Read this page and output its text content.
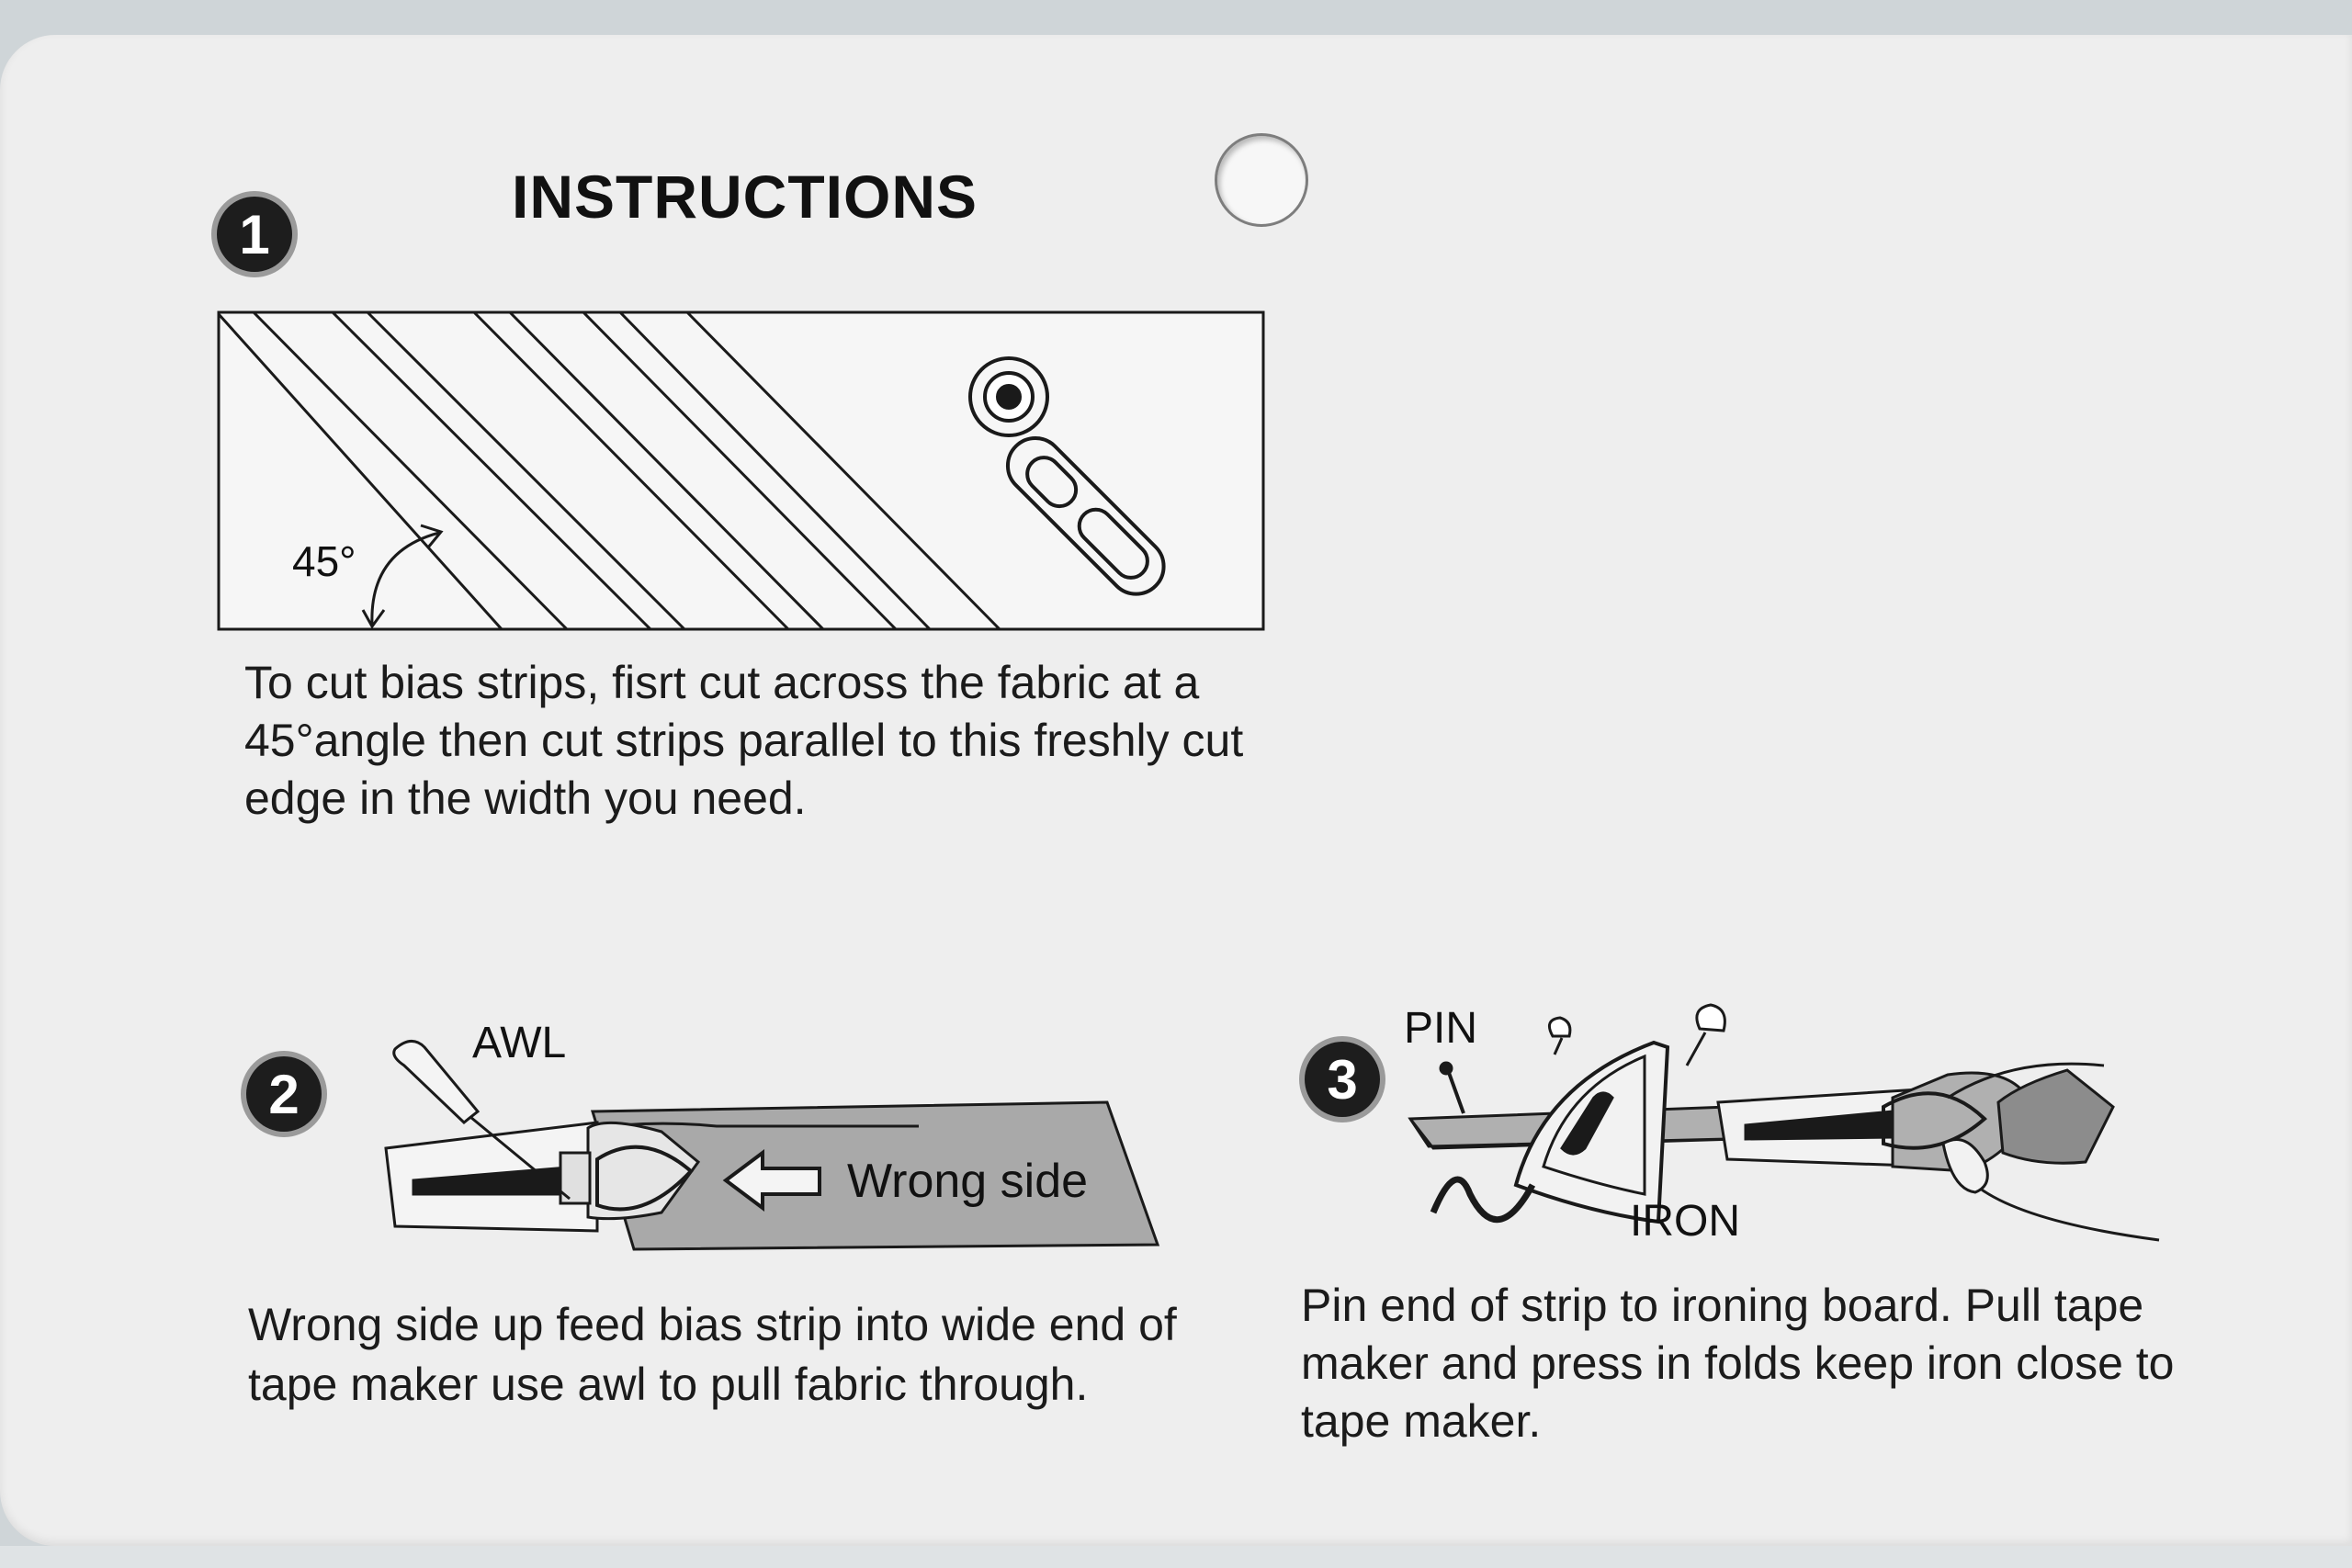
1
INSTRUCTIONS
45°
To cut bias strips, fisrt cut across the fabric at a 45°angle then cut strips parallel to this freshly cut edge in the width you need.
2
AWL
Wrong side
Wrong side up feed bias strip into wide end of tape maker use awl to pull fabric through.
3
PIN
IRON
Pin end of strip to ironing board. Pull tape maker and press in folds keep iron close to tape maker.
